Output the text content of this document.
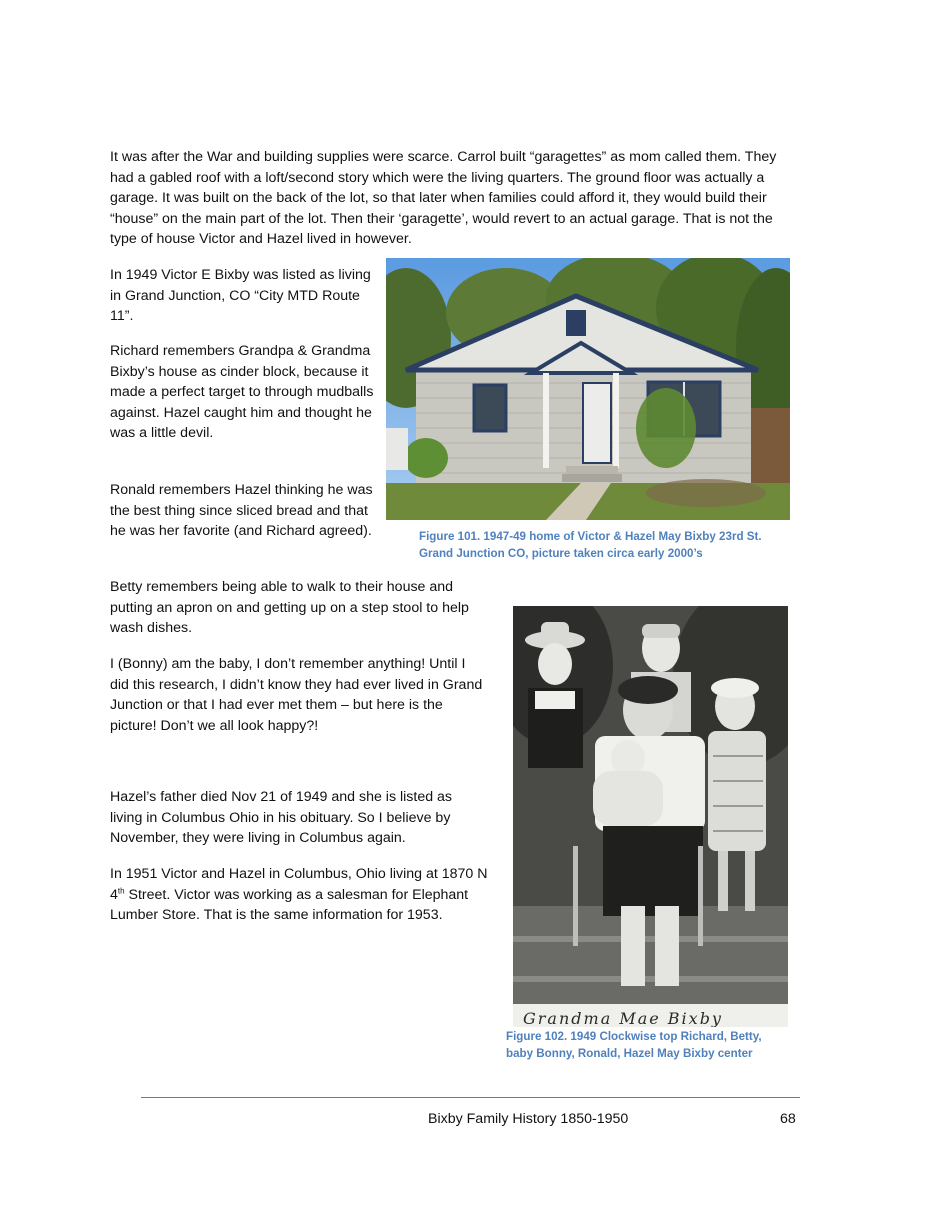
It was after the War and building supplies were scarce. Carrol built “garagettes” as mom called them. They had a gabled roof with a loft/second story which were the living quarters. The ground floor was actually a garage. It was built on the back of the lot, so that later when families could afford it, they would build their “house” on the main part of the lot. Then their ‘garagette’, would revert to an actual garage. That is not the type of house Victor and Hazel lived in however.

In 1949 Victor E Bixby was listed as living in Grand Junction, CO “City MTD Route 11”.

Richard remembers Grandpa & Grandma Bixby’s house as cinder block, because it made a perfect target to through mudballs against. Hazel caught him and thought he was a little devil.

Ronald remembers Hazel thinking he was the best thing since sliced bread and that he was her favorite (and Richard agreed).

Betty remembers being able to walk to their house and putting an apron on and getting up on a step stool to help wash dishes.

I (Bonny) am the baby, I don’t remember anything! Until I did this research, I didn’t know they had ever lived in Grand Junction or that I had ever met them – but here is the picture! Don’t we all look happy?!

Hazel’s father died Nov 21 of 1949 and she is listed as living in Columbus Ohio in his obituary. So I believe by November, they were living in Columbus again.

In 1951 Victor and Hazel in Columbus, Ohio living at 1870 N 4th Street. Victor was working as a salesman for Elephant Lumber Store. That is the same information for 1953.

Figure 101. 1947-49 home of Victor & Hazel May Bixby 23rd St. Grand Junction CO, picture taken circa early 2000’s

Grandma Mae Bixby

Figure 102. 1949 Clockwise top Richard, Betty, baby Bonny, Ronald, Hazel May Bixby center

Bixby Family History 1850-1950	68
